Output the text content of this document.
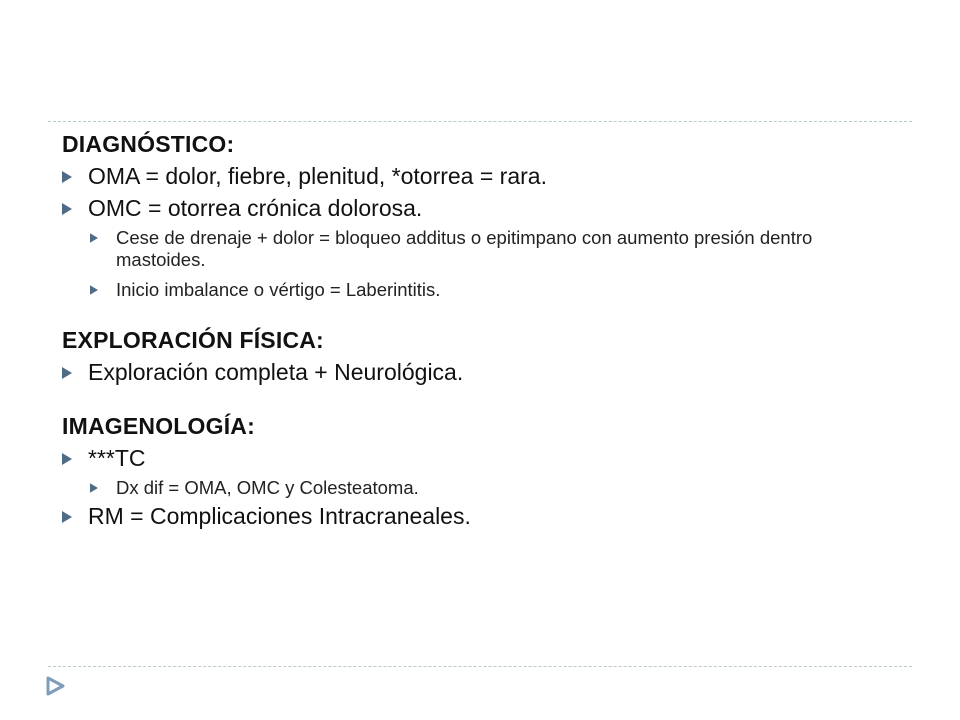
DIAGNÓSTICO:

OMA = dolor, fiebre, plenitud, *otorrea = rara.
OMC = otorrea crónica dolorosa.
Cese de drenaje + dolor = bloqueo additus o epitimpano con aumento presión dentro mastoides.
Inicio imbalance o vértigo = Laberintitis.

EXPLORACIÓN FÍSICA:

Exploración completa + Neurológica.

IMAGENOLOGÍA:

***TC
Dx dif = OMA, OMC y Colesteatoma.
RM = Complicaciones Intracraneales.
